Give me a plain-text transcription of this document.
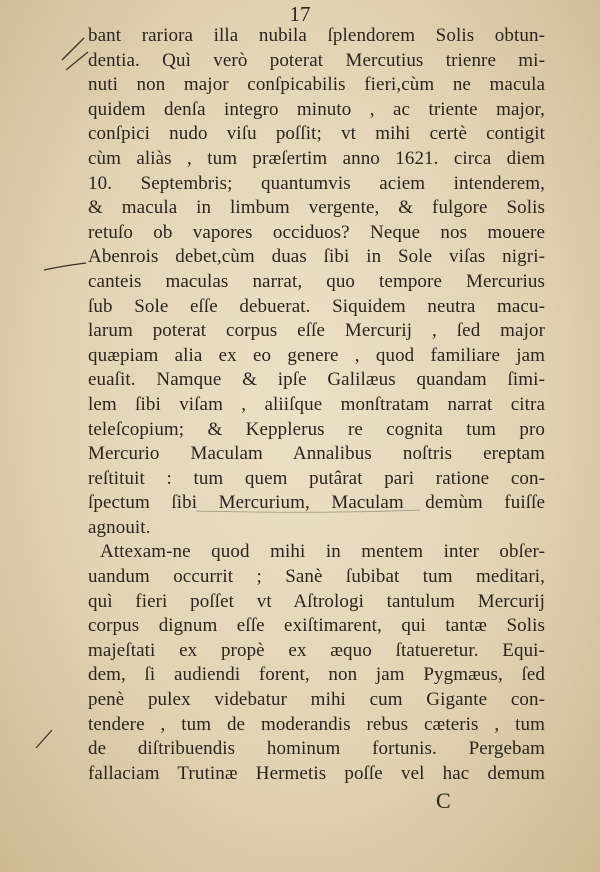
17
bant rariora illa nubila ſplendorem Solis obtun-
dentia. Quì verò poterat Mercutius trienre mi-
nuti non major conſpicabilis fieri,cùm ne macula
quidem denſa integro minuto , ac triente major,
conſpici nudo viſu poſſit; vt mihi certè contigit
cùm aliàs , tum præſertim anno 1621. circa diem
10. Septembris; quantumvis aciem intenderem,
& macula in limbum vergente, & fulgore Solis
retuſo ob vapores occiduos? Neque nos mouere
Abenrois debet,cùm duas ſibi in Sole viſas nigri-
canteis maculas narrat, quo tempore Mercurius
ſub Sole eſſe debuerat. Siquidem neutra macu-
larum poterat corpus eſſe Mercurij , ſed major
quæpiam alia ex eo genere , quod familiare jam
euaſit. Namque & ipſe Galilæus quandam ſimi-
lem ſibi viſam , aliiſque monſtratam narrat citra
teleſcopium; & Kepplerus re cognita tum pro
Mercurio Maculam Annalibus noſtris ereptam
reſtituit : tum quem putârat pari ratione con-
ſpectum ſibi Mercurium, Maculam demùm fuiſſe
agnouit.
Attexam-ne quod mihi in mentem inter obſer-
uandum occurrit ; Sanè ſubibat tum meditari,
quì fieri poſſet vt Aſtrologi tantulum Mercurij
corpus dignum eſſe exiſtimarent, qui tantæ Solis
majeſtati ex propè ex æquo ſtatueretur. Equi-
dem, ſi audiendi forent, non jam Pygmæus, ſed
penè pulex videbatur mihi cum Gigante con-
tendere , tum de moderandis rebus cæteris , tum
de diſtribuendis hominum fortunis. Pergebam
fallaciam Trutinæ Hermetis poſſe vel hac demum
C
